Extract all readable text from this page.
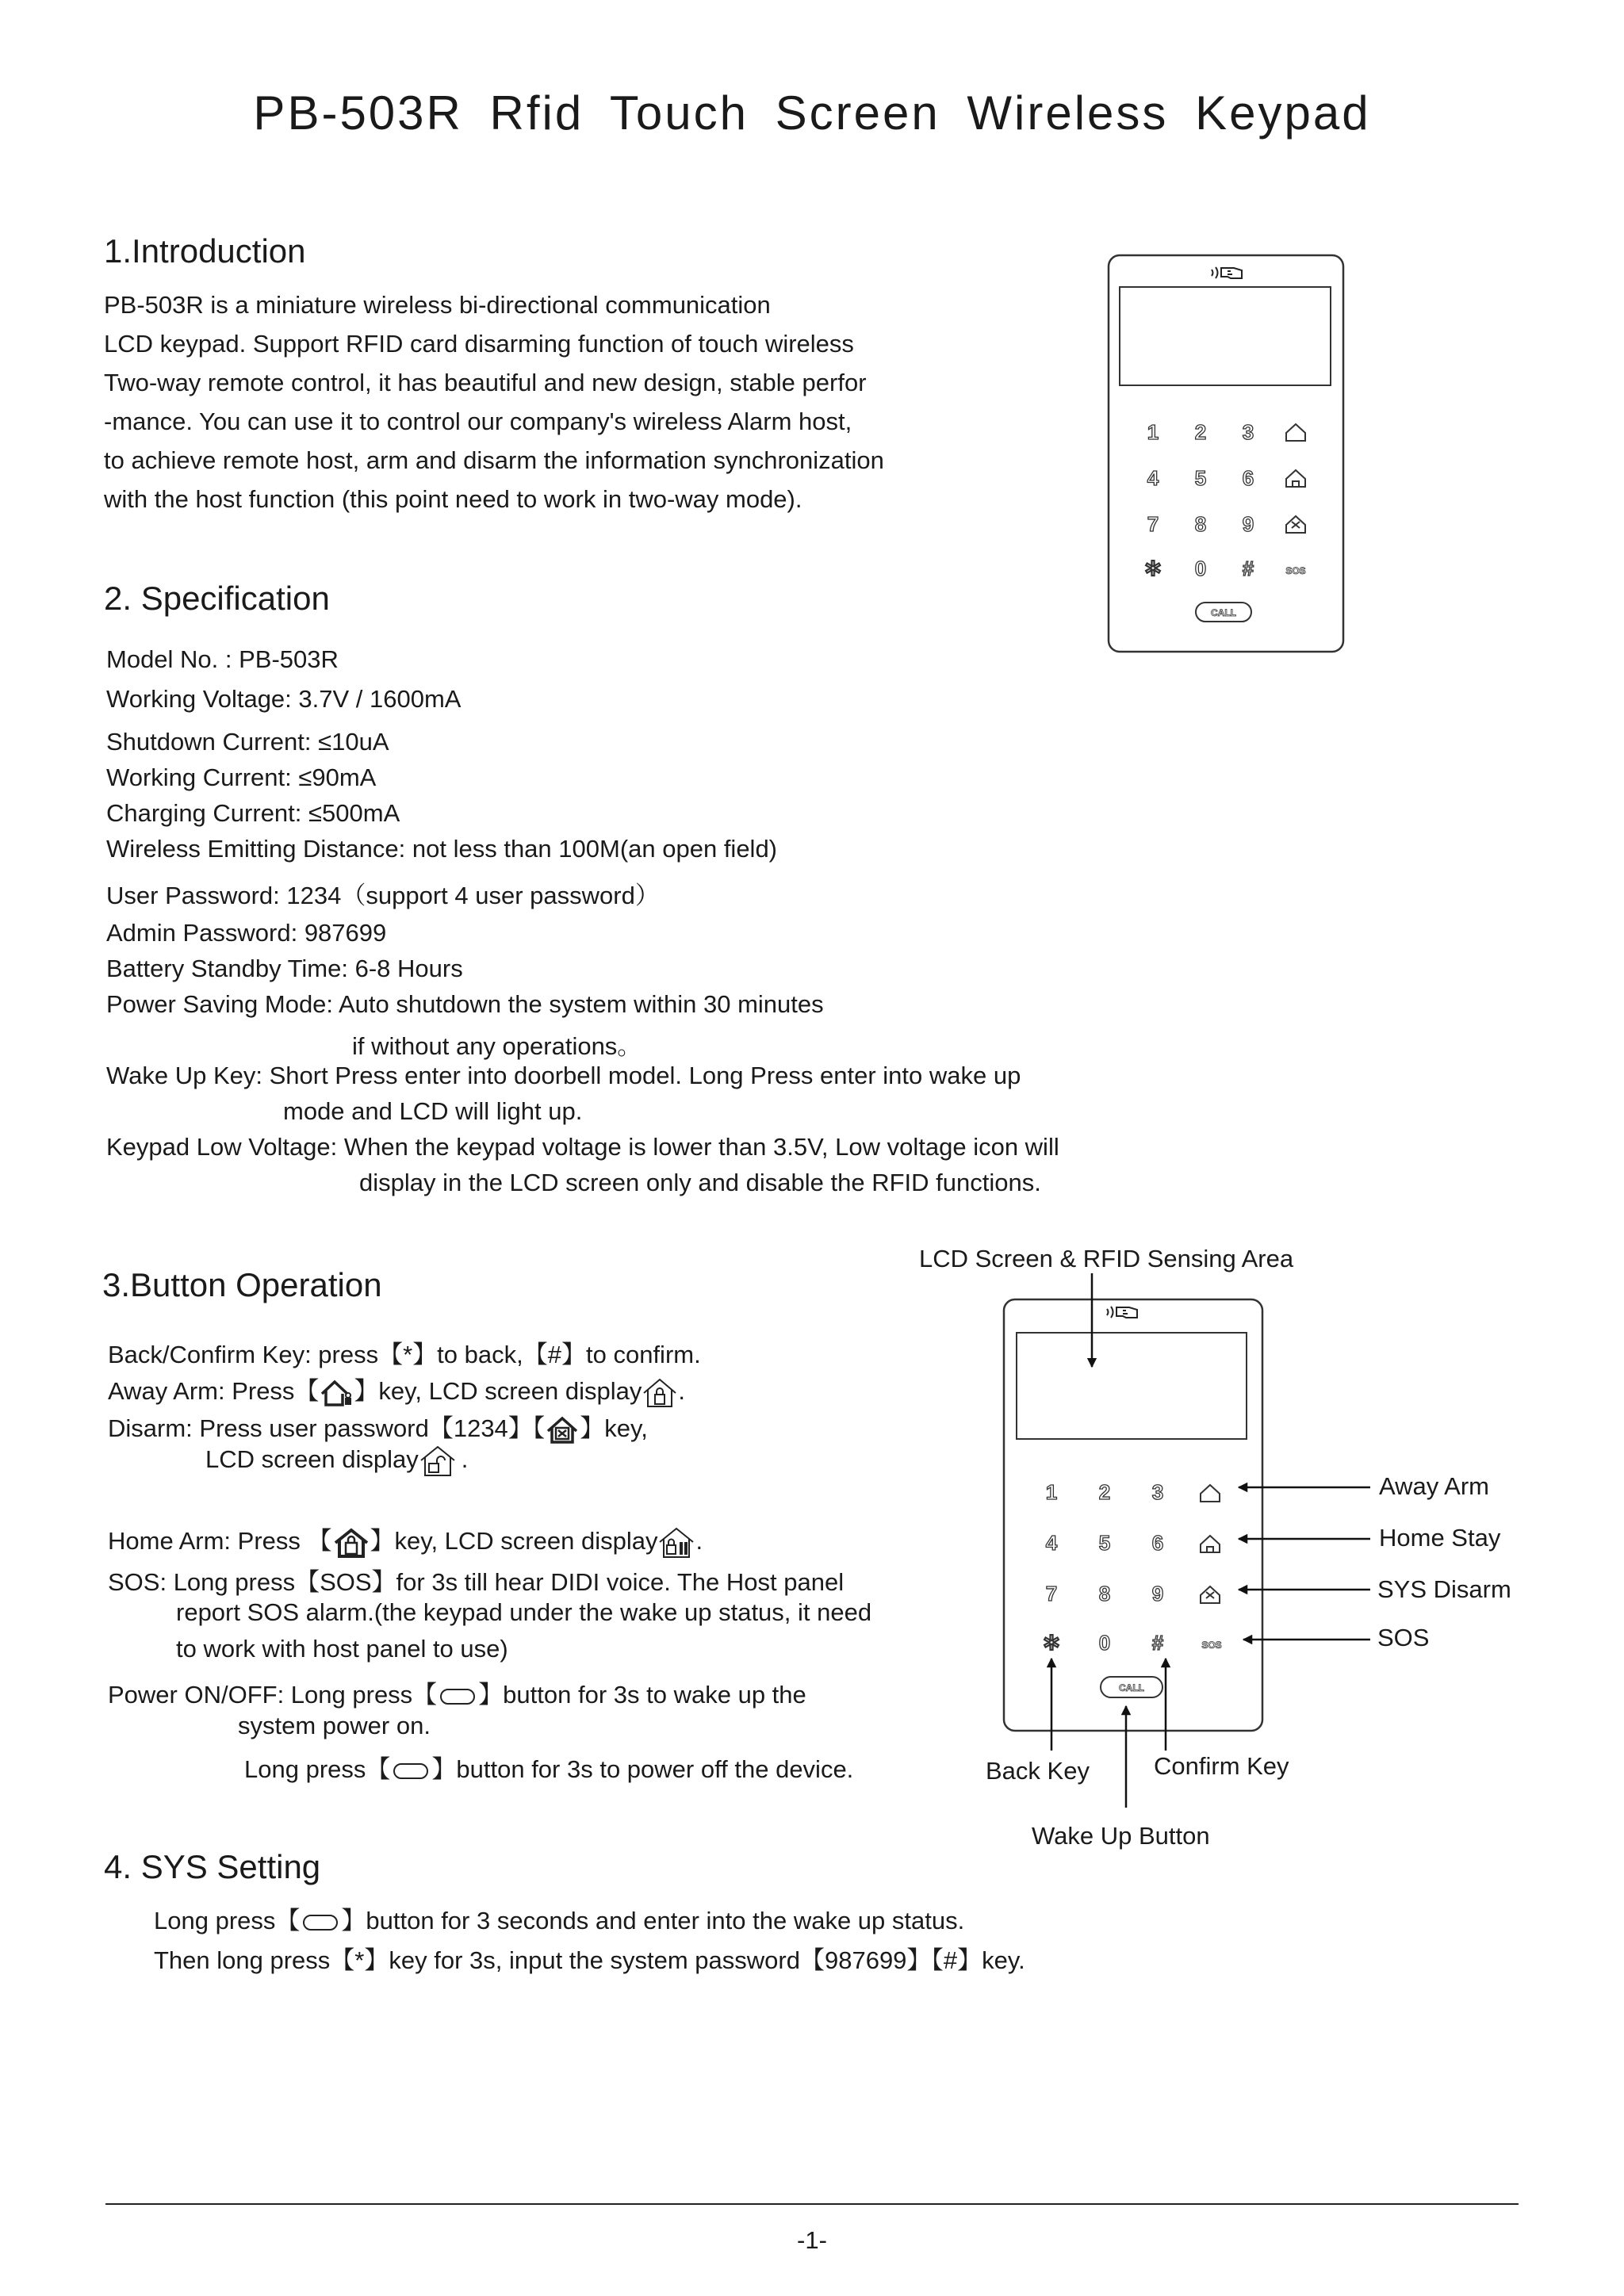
PB-503R Rfid Touch Screen Wireless Keypad
1.Introduction
PB-503R is a miniature wireless bi-directional communication
LCD keypad. Support RFID card disarming function of touch wireless
Two-way remote control, it has beautiful and new design, stable perfor
-mance. You can use it to control our company's wireless Alarm host,
to achieve remote host, arm and disarm the information synchronization
with the host function (this point need to work in two-way mode).
1 2 3
4 5 6
7 8 9
✲ 0 #	SOS
CALL
2. Specification
Model No. : PB-503R
Working Voltage: 3.7V / 1600mA
Shutdown Current: ≤10uA
Working Current: ≤90mA
Charging Current: ≤500mA
Wireless Emitting Distance: not less than 100M(an open field)
User Password: 1234（support 4 user password）
Admin Password: 987699
Battery Standby Time: 6-8 Hours
Power Saving Mode: Auto shutdown the system within 30 minutes
if without any operations。
Wake Up Key: Short Press enter into doorbell model. Long Press enter into wake up
mode and LCD will light up.
Keypad Low Voltage: When the keypad voltage is lower than 3.5V, Low voltage icon will
display in the LCD screen only and disable the RFID functions.
3.Button Operation
Back/Confirm Key: press【*】to back,【#】to confirm.
Away Arm: Press【 】key, LCD screen display .
Disarm: Press user password【1234】【 】key,
LCD screen display .
Home Arm: Press 【 】key, LCD screen display .
SOS: Long press【SOS】for 3s till hear DIDI voice. The Host panel
report SOS alarm.(the keypad under the wake up status, it need
to work with host panel to use)
Power ON/OFF: Long press【 】button for 3s to wake up the
system power on.
Long press【 】button for 3s to power off the device.
LCD Screen & RFID Sensing Area
1 2 3
4 5 6
7 8 9
✲ 0 #	SOS
CALL
Away Arm
Home Stay
SYS Disarm
SOS
Back Key	Confirm Key
Wake Up Button
4. SYS Setting
Long press【 】button for 3 seconds and enter into the wake up status.
Then long press【*】key for 3s, input the system password【987699】【#】key.
-1-
